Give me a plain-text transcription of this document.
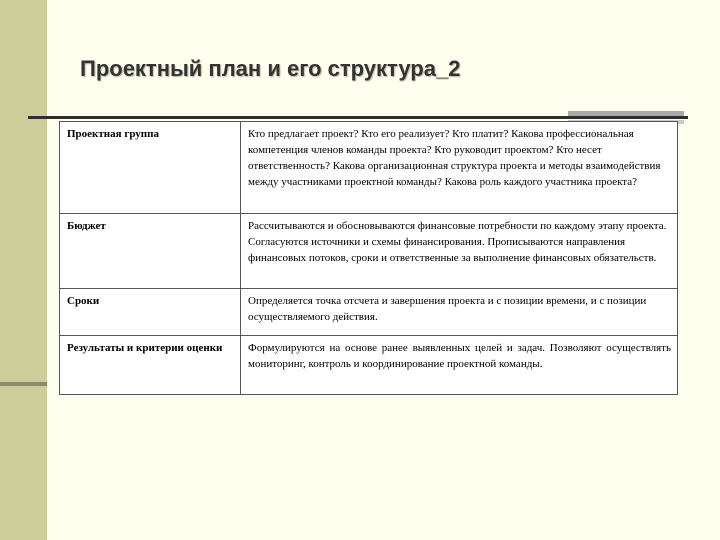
Проектный план и его структура_2
Проектная группа	Кто предлагает проект? Кто его реализует? Кто платит? Какова профессиональная компетенция членов команды проекта? Кто руководит проектом? Кто несет ответственность? Какова организационная структура проекта и методы взаимодействия между участниками проектной команды? Какова роль каждого участника проекта?
Бюджет	Рассчитываются и обосновываются финансовые потребности по каждому этапу проекта. Согласуются источники и схемы финансирования. Прописываются направления финансовых потоков, сроки и ответственные за выполнение финансовых обязательств.
Сроки	Определяется точка отсчета и завершения проекта и с позиции времени, и с позиции осуществляемого действия.
Результаты и критерии оценки	Формулируются на основе ранее выявленных целей и задач. Позволяют осуществлять мониторинг, контроль и координирование проектной команды.
